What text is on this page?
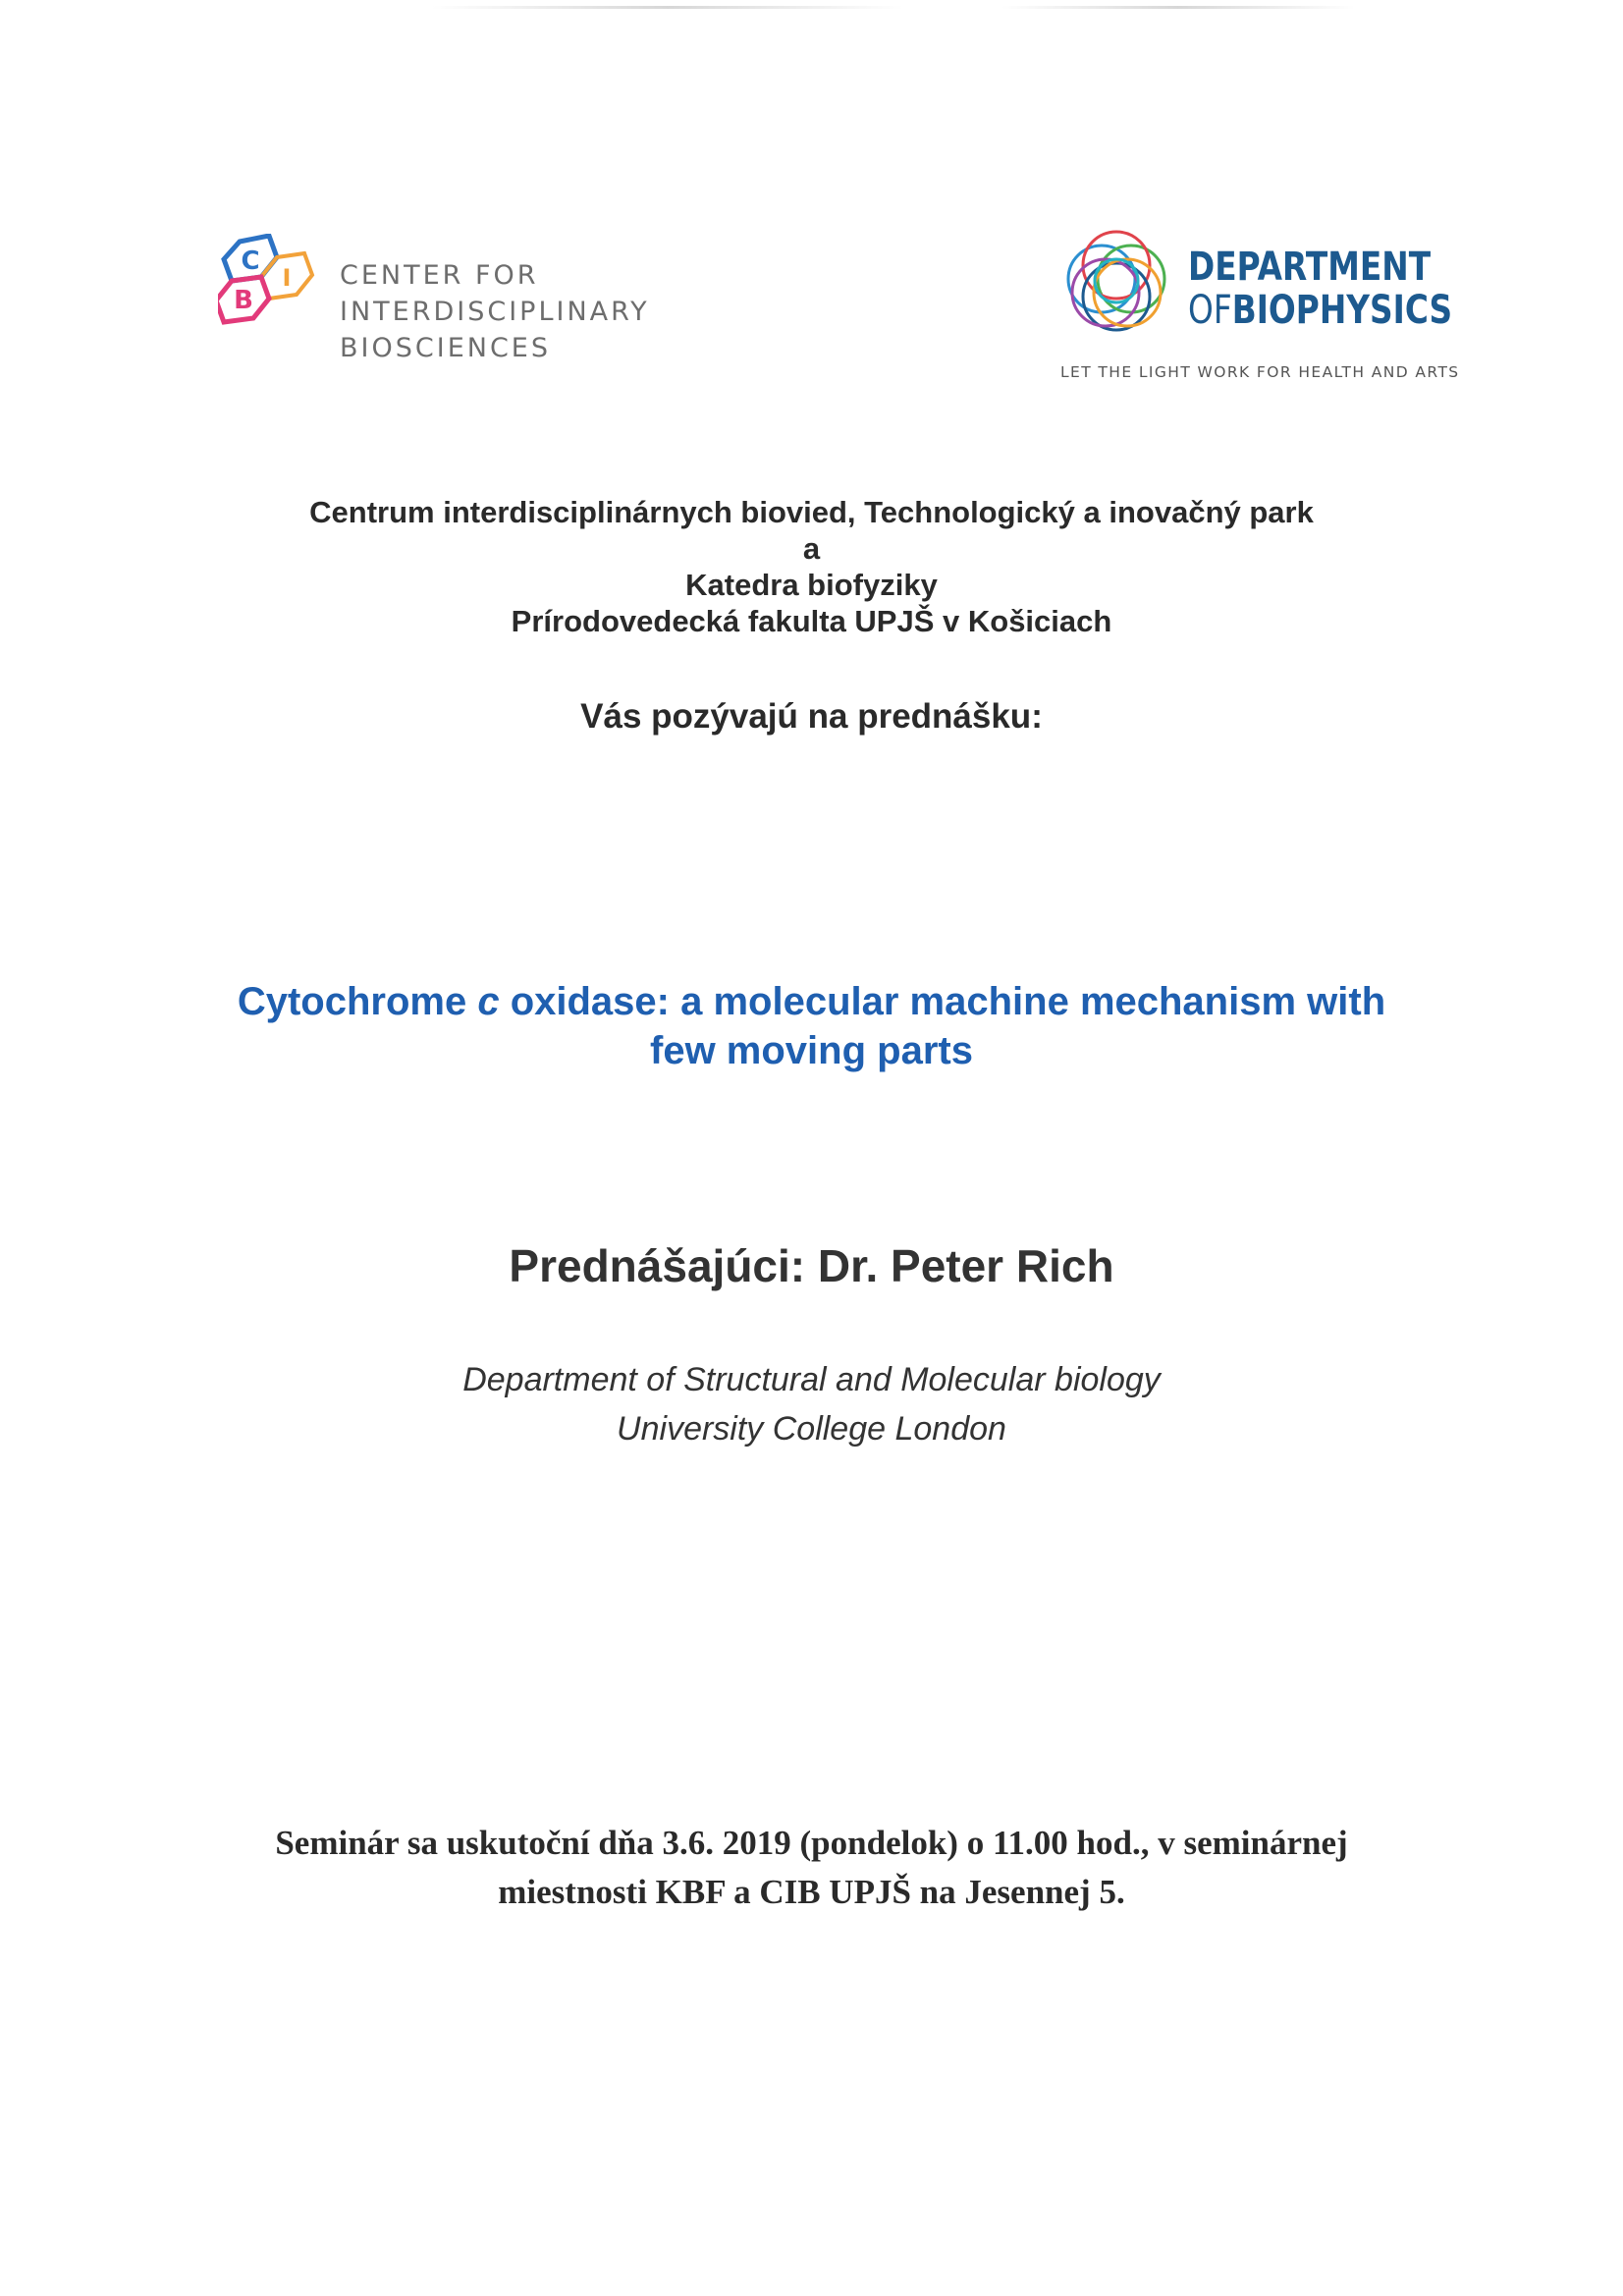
C
I
B
CENTER FOR
INTERDISCIPLINARY
BIOSCIENCES
DEPARTMENT
OFBIOPHYSICS
LET THE LIGHT WORK FOR HEALTH AND ARTS
Centrum interdisciplinárnych biovied, Technologický a inovačný park
a
Katedra biofyziky
Prírodovedecká fakulta UPJŠ v Košiciach
Vás pozývajú na prednášku:
Cytochrome c oxidase: a molecular machine mechanism with
few moving parts
Prednášajúci: Dr. Peter Rich
Department of Structural and Molecular biology
University College London
Seminár sa uskutoční dňa 3.6. 2019 (pondelok) o 11.00 hod., v seminárnej
miestnosti KBF a CIB UPJŠ na Jesennej 5.
